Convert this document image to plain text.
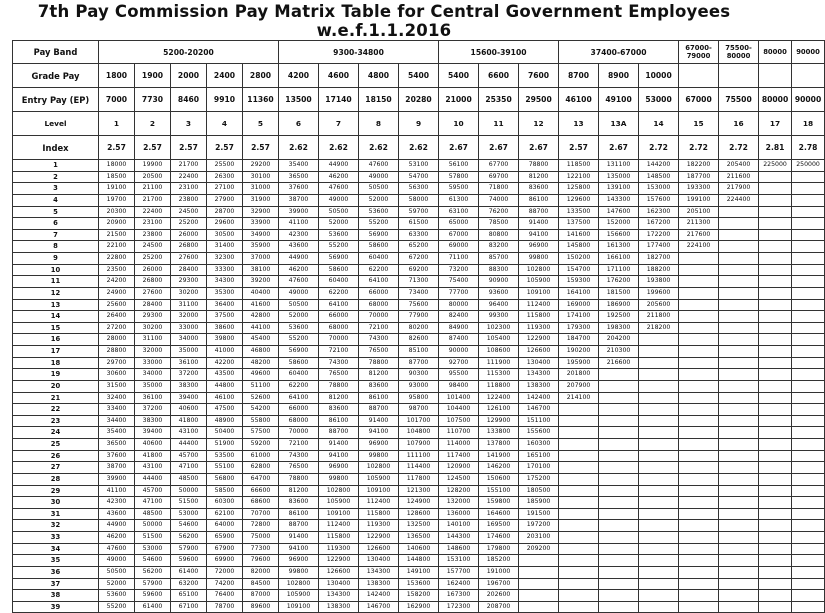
7th Pay Commission Pay Matrix Table for Central Government Employees w.e.f.1.1.2016
Pay Band	5200-20200					9300-34800				15600-39100			37400-67000			67000-79000	75500-80000	80000	90000
Grade Pay	1800	1900	2000	2400	2800	4200	4600	4800	5400	5400	6600	7600	8700	8900	10000				
Entry Pay (EP)	7000	7730	8460	9910	11360	13500	17140	18150	20280	21000	25350	29500	46100	49100	53000	67000	75500	80000	90000
Level	1	2	3	4	5	6	7	8	9	10	11	12	13	13A	14	15	16	17	18
Index	2.57	2.57	2.57	2.57	2.57	2.62	2.62	2.62	2.62	2.67	2.67	2.67	2.57	2.67	2.72	2.72	2.72	2.81	2.78
1	18000	19900	21700	25500	29200	35400	44900	47600	53100	56100	67700	78800	118500	131100	144200	182200	205400	225000	250000
2	18500	20500	22400	26300	30100	36500	46200	49000	54700	57800	69700	81200	122100	135000	148500	187700	211600		
3	19100	21100	23100	27100	31000	37600	47600	50500	56300	59500	71800	83600	125800	139100	153000	193300	217900		
4	19700	21700	23800	27900	31900	38700	49000	52000	58000	61300	74000	86100	129600	143300	157600	199100	224400		
5	20300	22400	24500	28700	32900	39900	50500	53600	59700	63100	76200	88700	133500	147600	162300	205100			
6	20900	23100	25200	29600	33900	41100	52000	55200	61500	65000	78500	91400	137500	152000	167200	211300			
7	21500	23800	26000	30500	34900	42300	53600	56900	63300	67000	80800	94100	141600	156600	172200	217600			
8	22100	24500	26800	31400	35900	43600	55200	58600	65200	69000	83200	96900	145800	161300	177400	224100			
9	22800	25200	27600	32300	37000	44900	56900	60400	67200	71100	85700	99800	150200	166100	182700				
10	23500	26000	28400	33300	38100	46200	58600	62200	69200	73200	88300	102800	154700	171100	188200				
11	24200	26800	29300	34300	39200	47600	60400	64100	71300	75400	90900	105900	159300	176200	193800				
12	24900	27600	30200	35300	40400	49000	62200	66000	73400	77700	93600	109100	164100	181500	199600				
13	25600	28400	31100	36400	41600	50500	64100	68000	75600	80000	96400	112400	169000	186900	205600				
14	26400	29300	32000	37500	42800	52000	66000	70000	77900	82400	99300	115800	174100	192500	211800				
15	27200	30200	33000	38600	44100	53600	68000	72100	80200	84900	102300	119300	179300	198300	218200				
16	28000	31100	34000	39800	45400	55200	70000	74300	82600	87400	105400	122900	184700	204200					
17	28800	32000	35000	41000	46800	56900	72100	76500	85100	90000	108600	126600	190200	210300					
18	29700	33000	36100	42200	48200	58600	74300	78800	87700	92700	111900	130400	195900	216600					
19	30600	34000	37200	43500	49600	60400	76500	81200	90300	95500	115300	134300	201800						
20	31500	35000	38300	44800	51100	62200	78800	83600	93000	98400	118800	138300	207900						
21	32400	36100	39400	46100	52600	64100	81200	86100	95800	101400	122400	142400	214100						
22	33400	37200	40600	47500	54200	66000	83600	88700	98700	104400	126100	146700							
23	34400	38300	41800	48900	55800	68000	86100	91400	101700	107500	129900	151100							
24	35400	39400	43100	50400	57500	70000	88700	94100	104800	110700	133800	155600							
25	36500	40600	44400	51900	59200	72100	91400	96900	107900	114000	137800	160300							
26	37600	41800	45700	53500	61000	74300	94100	99800	111100	117400	141900	165100							
27	38700	43100	47100	55100	62800	76500	96900	102800	114400	120900	146200	170100							
28	39900	44400	48500	56800	64700	78800	99800	105900	117800	124500	150600	175200							
29	41100	45700	50000	58500	66600	81200	102800	109100	121300	128200	155100	180500							
30	42300	47100	51500	60300	68600	83600	105900	112400	124900	132000	159800	185900							
31	43600	48500	53000	62100	70700	86100	109100	115800	128600	136000	164600	191500							
32	44900	50000	54600	64000	72800	88700	112400	119300	132500	140100	169500	197200							
33	46200	51500	56200	65900	75000	91400	115800	122900	136500	144300	174600	203100							
34	47600	53000	57900	67900	77300	94100	119300	126600	140600	148600	179800	209200							
35	49000	54600	59600	69900	79600	96900	122900	130400	144800	153100	185200								
36	50500	56200	61400	72000	82000	99800	126600	134300	149100	157700	191000								
37	52000	57900	63200	74200	84500	102800	130400	138300	153600	162400	196700								
38	53600	59600	65100	76400	87000	105900	134300	142400	158200	167300	202600								
39	55200	61400	67100	78700	89600	109100	138300	146700	162900	172300	208700								
